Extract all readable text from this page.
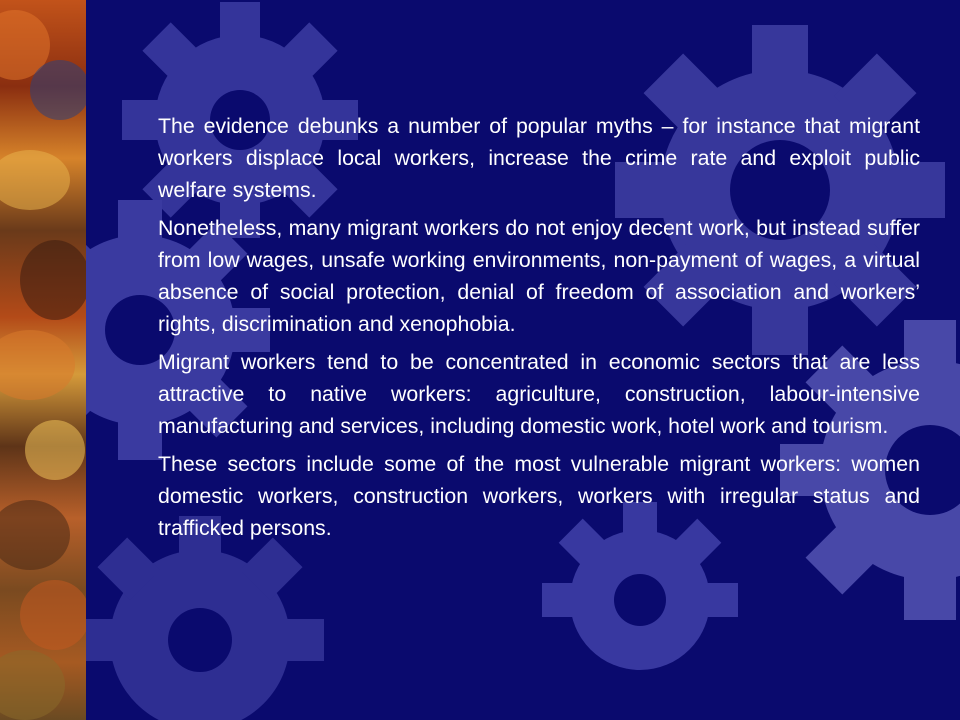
The evidence debunks a number of popular myths – for instance that migrant workers displace local workers, increase the crime rate and exploit public welfare systems.

Nonetheless, many migrant workers do not enjoy decent work, but instead suffer from low wages, unsafe working environments, non-payment of wages, a virtual absence of social protection, denial of freedom of association and workers’ rights, discrimination and xenophobia.

Migrant workers tend to be concentrated in economic sectors that are less attractive to native workers: agriculture, construction, labour-intensive manufacturing and services, including domestic work, hotel work and tourism.

These sectors include some of the most vulnerable migrant workers: women domestic workers, construction workers, workers with irregular status and trafficked persons.
